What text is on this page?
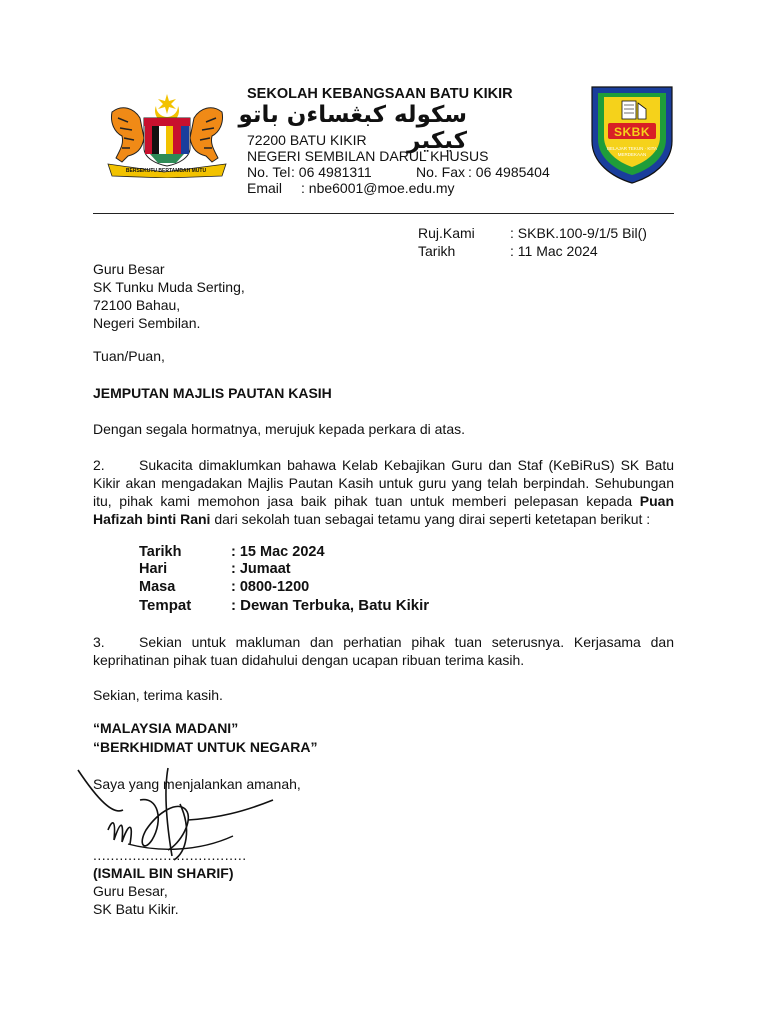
BERSEKUTU BERTAMBAH MUTU
SEKOLAH KEBANGSAAN BATU KIKIR
سکوله کبڠساءن باتو کيکير
72200 BATU KIKIR
NEGERI SEMBILAN DARUL KHUSUS
No. Tel: 06 4981311	No. Fax : 06 4985404
Email : nbe6001@moe.edu.my
SKBK
BELAJAR TEKUN · KITA MERDEKAAN
Ruj.Kami	: SKBK.100-9/1/5 Bil()
Tarikh	: 11 Mac 2024
Guru Besar
SK Tunku Muda Serting,
72100 Bahau,
Negeri Sembilan.
Tuan/Puan,
JEMPUTAN MAJLIS PAUTAN KASIH
Dengan segala hormatnya, merujuk kepada perkara di atas.
2. Sukacita dimaklumkan bahawa Kelab Kebajikan Guru dan Staf (KeBiRuS) SK Batu Kikir akan mengadakan Majlis Pautan Kasih untuk guru yang telah berpindah. Sehubungan itu, pihak kami memohon jasa baik pihak tuan untuk memberi pelepasan kepada Puan Hafizah binti Rani dari sekolah tuan sebagai tetamu yang dirai seperti ketetapan berikut :
Tarikh	: 15 Mac 2024
Hari	: Jumaat
Masa	: 0800-1200
Tempat	: Dewan Terbuka, Batu Kikir
3. Sekian untuk makluman dan perhatian pihak tuan seterusnya. Kerjasama dan keprihatinan pihak tuan didahului dengan ucapan ribuan terima kasih.
Sekian, terima kasih.
“MALAYSIA MADANI”
“BERKHIDMAT UNTUK NEGARA”
Saya yang menjalankan amanah,
...................................
(ISMAIL BIN SHARIF)
Guru Besar,
SK Batu Kikir.
